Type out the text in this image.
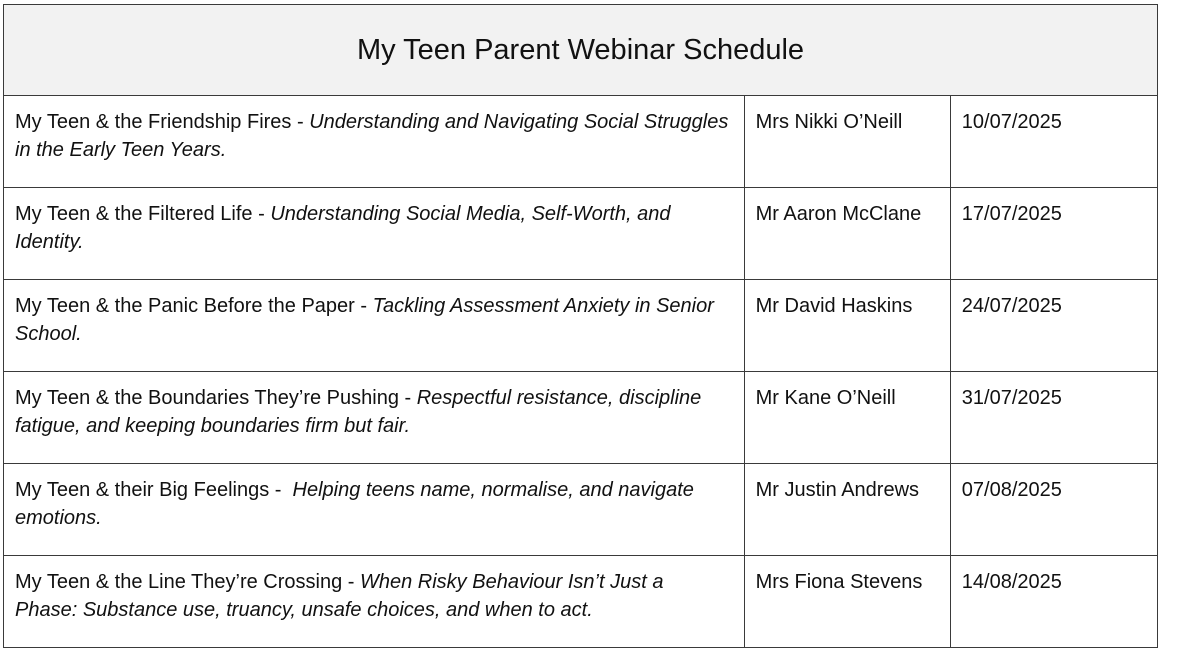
My Teen Parent Webinar Schedule		
My Teen & the Friendship Fires - Understanding and Navigating Social Struggles in the Early Teen Years.	Mrs Nikki O’Neill	10/07/2025
My Teen & the Filtered Life - Understanding Social Media, Self-Worth, and Identity.	Mr Aaron McClane	17/07/2025
My Teen & the Panic Before the Paper - Tackling Assessment Anxiety in Senior School.	Mr David Haskins	24/07/2025
My Teen & the Boundaries They’re Pushing - Respectful resistance, discipline fatigue, and keeping boundaries firm but fair.	Mr Kane O’Neill	31/07/2025
My Teen & their Big Feelings -  Helping teens name, normalise, and navigate emotions.	Mr Justin Andrews	07/08/2025
My Teen & the Line They’re Crossing - When Risky Behaviour Isn’t Just a Phase: Substance use, truancy, unsafe choices, and when to act.	Mrs Fiona Stevens	14/08/2025
